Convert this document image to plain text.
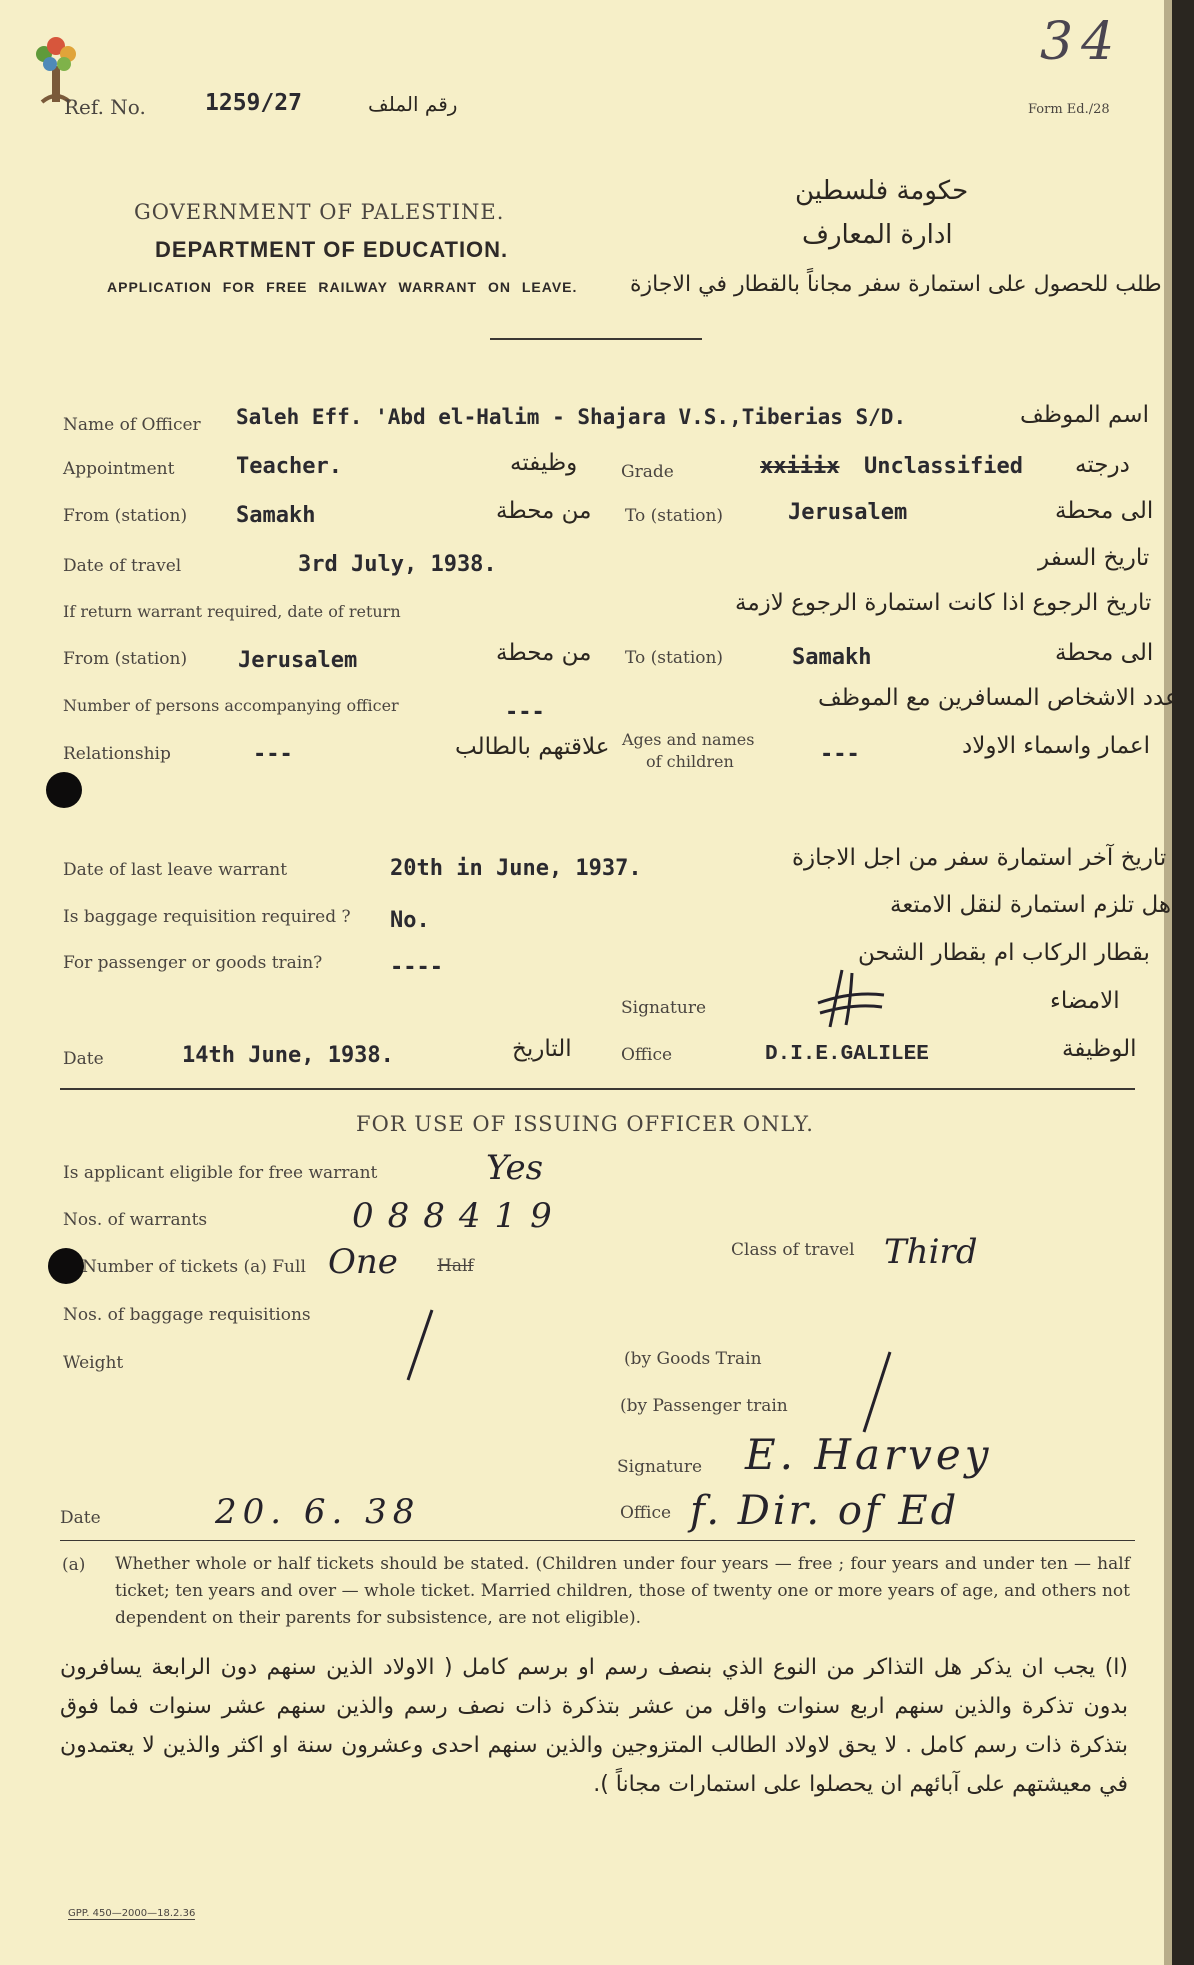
34
Ref. No.	1259/27	رقم الملف	Form Ed./28
GOVERNMENT OF PALESTINE.
DEPARTMENT OF EDUCATION.
APPLICATION FOR FREE RAILWAY WARRANT ON LEAVE.
حكومة فلسطين
ادارة المعارف
طلب للحصول على استمارة سفر مجاناً بالقطار في الاجازة
Name of Officer Saleh Eff. 'Abd el-Halim - Shajara V.S.,Tiberias S/D.	اسم الموظف
Appointment	Teacher.	وظيفته	Grade	xxiiix Unclassified درجته
From (station) Samakh	من محطة To (station)	Jerusalem	الى محطة
Date of travel	3rd July, 1938.	تاريخ السفر
If return warrant required, date of return	تاريخ الرجوع اذا كانت استمارة الرجوع لازمة
From (station) Jerusalem	من محطة To (station)	Samakh	الى محطة
Number of persons accompanying officer	---
عدد الاشخاص المسافرين مع الموظف
Relationship	---	علاقتهم بالطالب Ages and names
of children	---	اعمار واسماء الاولاد
Date of last leave warrant	20th in June, 1937.	تاريخ آخر استمارة سفر من اجل الاجازة
Is baggage requisition required ? No.
هل تلزم استمارة لنقل الامتعة
For passenger or goods train?	----
بقطار الركاب ام بقطار الشحن
Signature	الامضاء
Date	14th June, 1938.	التاريخ	Office	D.I.E.GALILEE	الوظيفة
FOR USE OF ISSUING OFFICER ONLY.
Is applicant eligible for free warrant	Yes
Nos. of warrants	088419
Number of tickets (a) Full One Half
Class of travel Third
Nos. of baggage requisitions
Weight	(by Goods Train
(by Passenger train
Signature E. Harvey
Date	20. 6. 38	Office f. Dir. of Ed
(a) Whether whole or half tickets should be stated. (Children under four years — free ; four years and under ten — half ticket; ten years and over — whole ticket. Married children, those of twenty one or more years of age, and others not dependent on their parents for subsistence, are not eligible).
(ا) يجب ان يذكر هل التذاكر من النوع الذي بنصف رسم او برسم كامل ( الاولاد الذين سنهم دون الرابعة يسافرون بدون تذكرة والذين سنهم اربع سنوات واقل من عشر بتذكرة ذات نصف رسم والذين سنهم عشر سنوات فما فوق بتذكرة ذات رسم كامل . لا يحق لاولاد الطالب المتزوجين والذين سنهم احدى وعشرون سنة او اكثر والذين لا يعتمدون في معيشتهم على آبائهم ان يحصلوا على استمارات مجاناً ).
GPP. 450—2000—18.2.36
